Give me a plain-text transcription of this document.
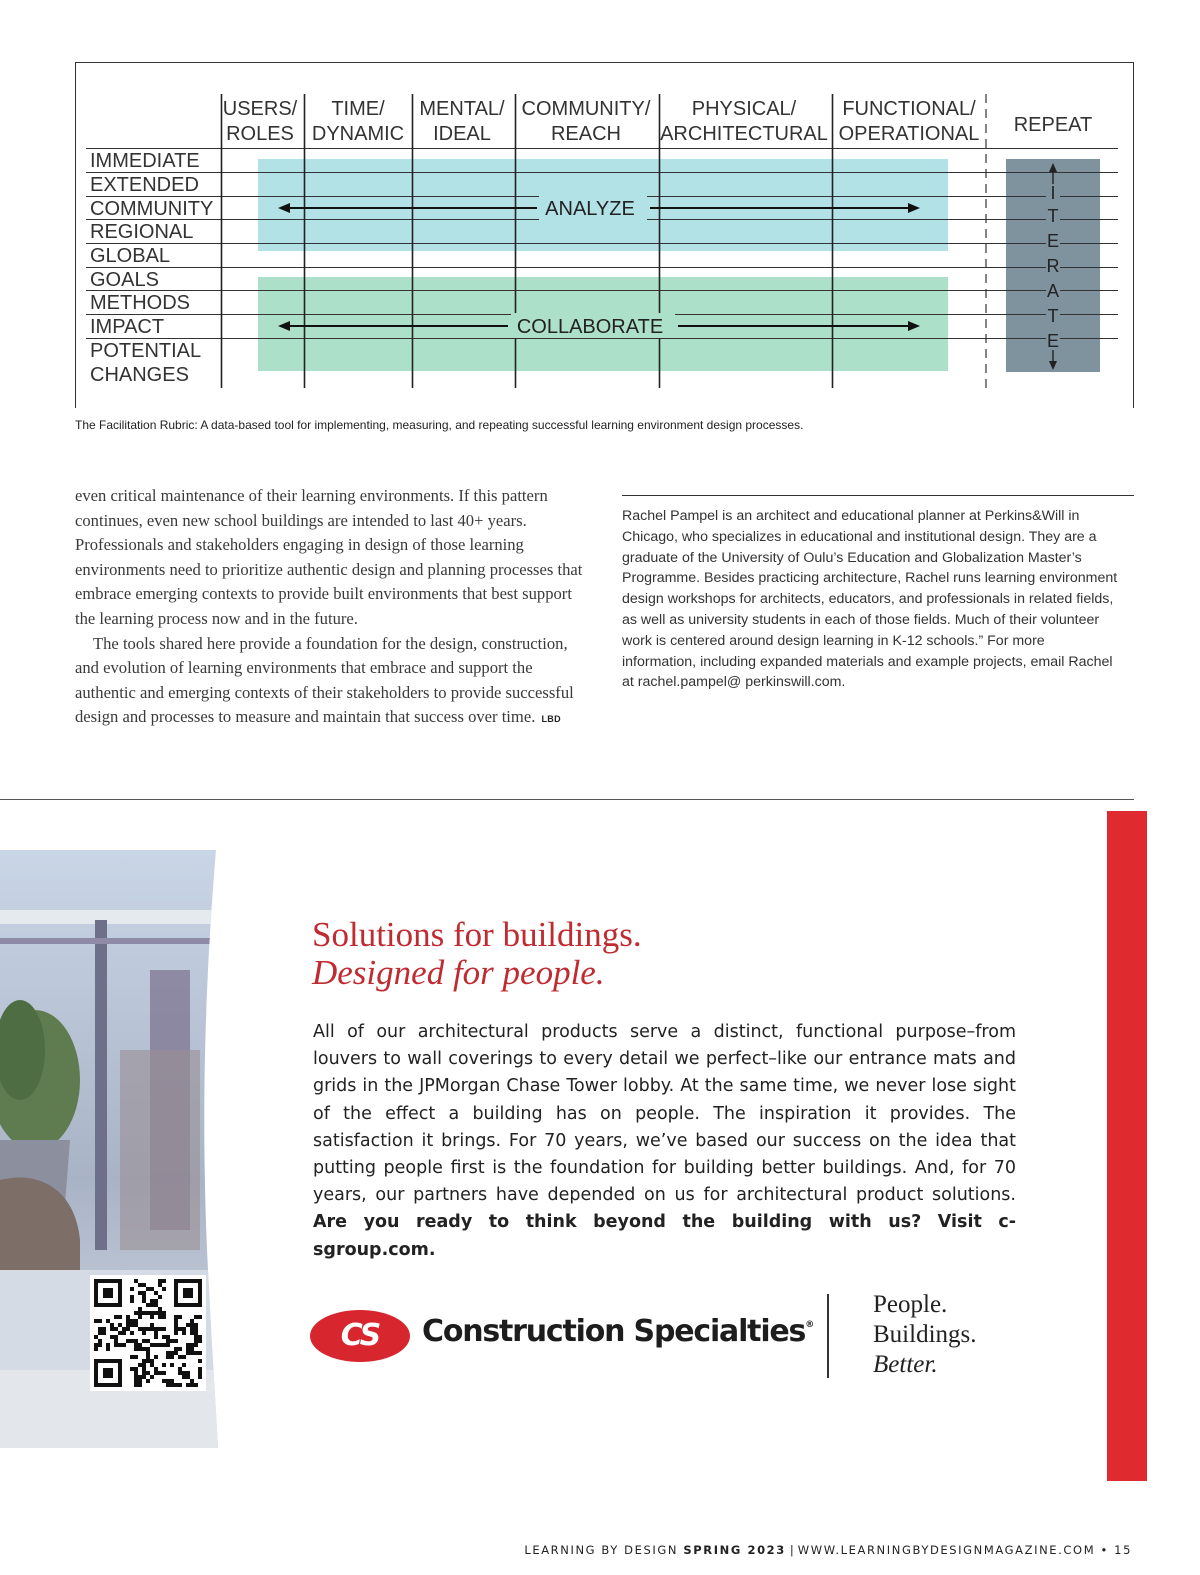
USERS/
ROLES
TIME/
DYNAMIC
MENTAL/
IDEAL
COMMUNITY/
REACH
PHYSICAL/
ARCHITECTURAL
FUNCTIONAL/
OPERATIONAL REPEAT
IMMEDIATE
EXTENDED
COMMUNITY
REGIONAL
GLOBAL
GOALS
METHODS
IMPACT
POTENTIAL
CHANGES
ANALYZE
COLLABORATE
I
T
E
R
A
T
E
The Facilitation Rubric: A data-based tool for implementing, measuring, and repeating successful learning environment design processes.

even critical maintenance of their learning environments. If this pattern continues, even new school buildings are intended to last 40+ years. Professionals and stakeholders engaging in design of those learning environments need to prioritize authentic design and planning processes that embrace emerging contexts to provide built environments that best support the learning process now and in the future.

The tools shared here provide a foundation for the design, construction, and evolution of learning environments that embrace and support the authentic and emerging contexts of their stakeholders to provide successful design and processes to measure and maintain that success over time. LBD

Rachel Pampel is an architect and educational planner at Perkins&Will in Chicago, who specializes in educational and institutional design. They are a graduate of the University of Oulu’s Education and Globalization Master’s Programme. Besides practicing architecture, Rachel runs learning environment design workshops for architects, educators, and professionals in related fields, as well as university students in each of those fields. Much of their volunteer work is centered around design learning in K-12 schools.” For more information, including expanded materials and example projects, email Rachel at rachel.pampel@ perkinswill.com.
Solutions for buildings.
Designed for people.
All of our architectural products serve a distinct, functional purpose–from louvers to wall coverings to every detail we perfect–like our entrance mats and grids in the JPMorgan Chase Tower lobby. At the same time, we never lose sight of the effect a building has on people. The inspiration it provides. The satisfaction it brings. For 70 years, we’ve based our success on the idea that putting people first is the foundation for building better buildings. And, for 70 years, our partners have depended on us for architectural product solutions. Are you ready to think beyond the building with us? Visit c-sgroup.com.
CS	Construction Specialties®
People.
Buildings.
Better.
LEARNING BY DESIGN SPRING 2023 | WWW.LEARNINGBYDESIGNMAGAZINE.COM • 15
